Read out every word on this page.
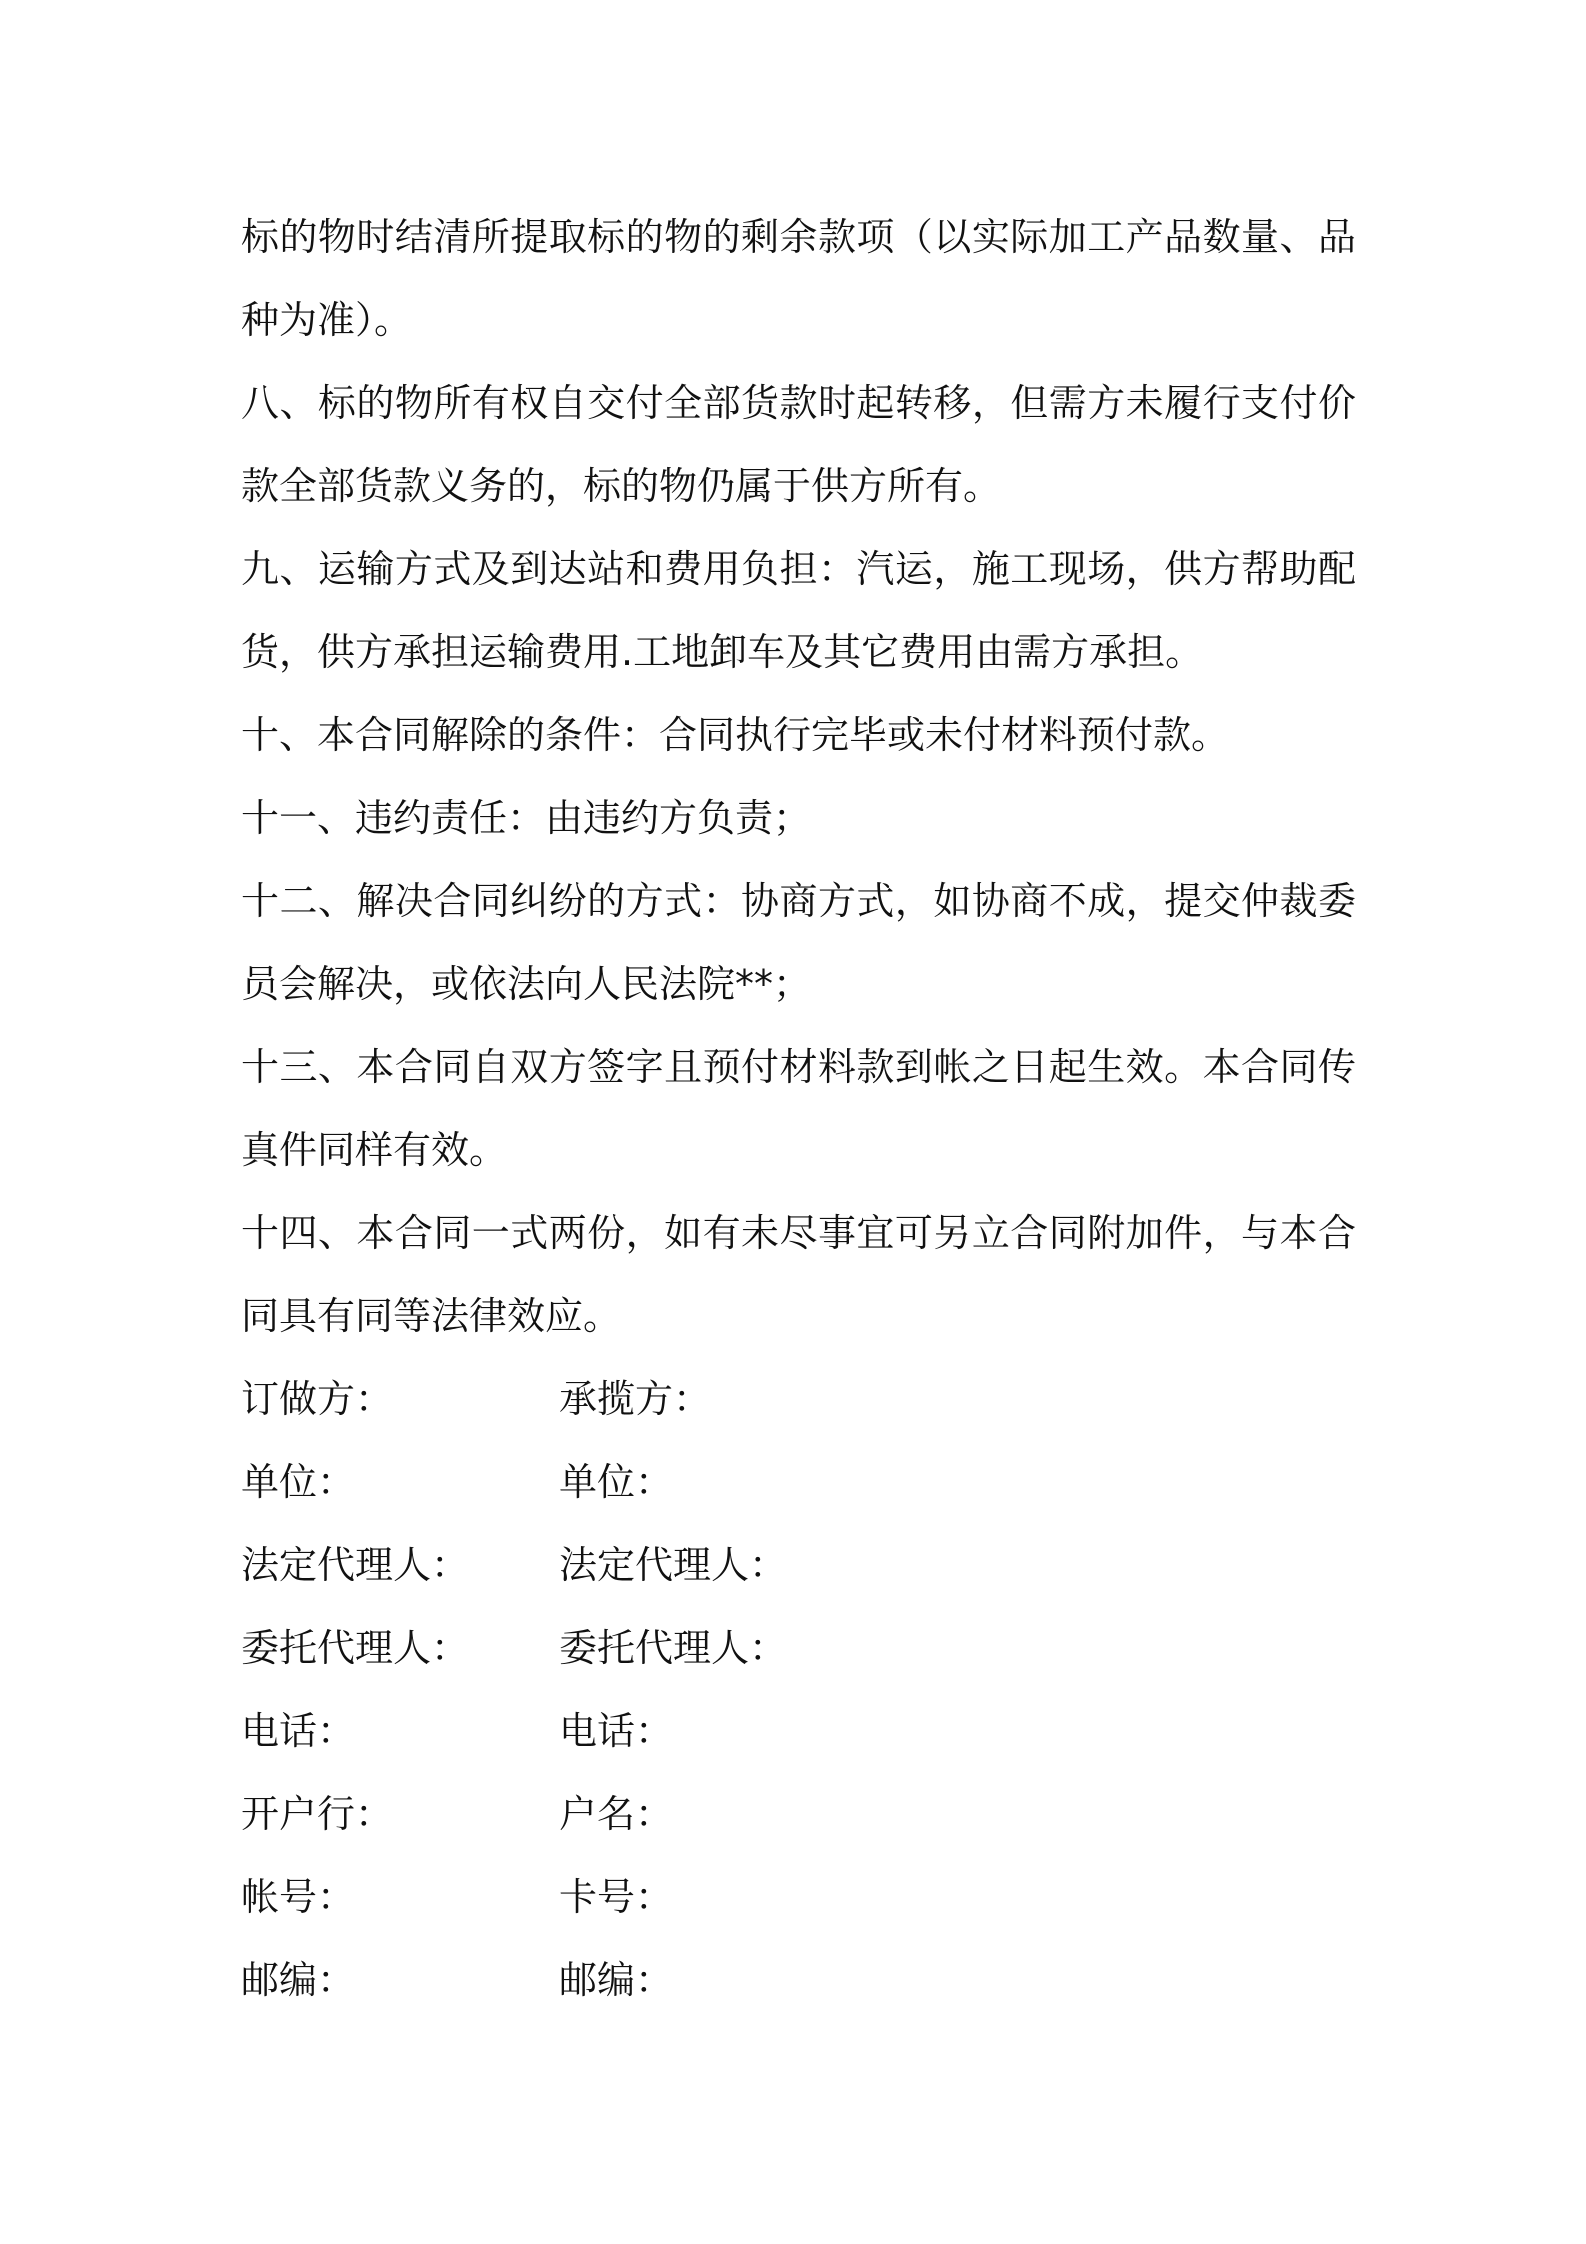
标的物时结清所提取标的物的剩余款项（以实际加工产品数量、品种为准）。

八、标的物所有权自交付全部货款时起转移，但需方未履行支付价款全部货款义务的，标的物仍属于供方所有。

九、运输方式及到达站和费用负担：汽运，施工现场，供方帮助配货，供方承担运输费用.工地卸车及其它费用由需方承担。

十、本合同解除的条件：合同执行完毕或未付材料预付款。

十一、违约责任：由违约方负责；

十二、解决合同纠纷的方式：协商方式，如协商不成，提交仲裁委员会解决，或依法向人民法院**；

十三、本合同自双方签字且预付材料款到帐之日起生效。本合同传真件同样有效。

十四、本合同一式两份，如有未尽事宜可另立合同附加件，与本合同具有同等法律效应。

订做方：	承揽方：
单位：	单位：
法定代理人：	法定代理人：
委托代理人：	委托代理人：
电话：	电话：
开户行：	户名：
帐号：	卡号：
邮编：	邮编：
